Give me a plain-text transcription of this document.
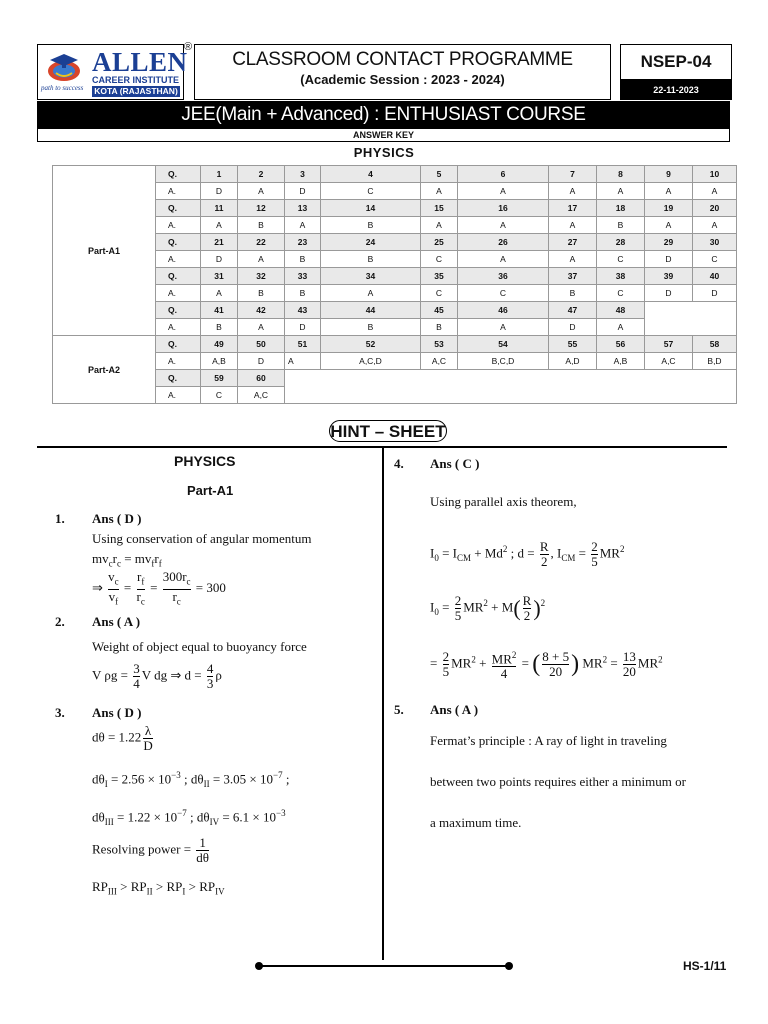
ALLEN
®
CAREER INSTITUTE
KOTA (RAJASTHAN)
path to success
CLASSROOM CONTACT PROGRAMME
(Academic Session : 2023 - 2024)
NSEP-04
22-11-2023
JEE(Main + Advanced) : ENTHUSIAST COURSE
ANSWER KEY
PHYSICS
Part-A1	Q.	1	2	3	4	5	6	7	8	9	10
	A.	D	A	D	C	A	A	A	A	A	A
	Q.	11	12	13	14	15	16	17	18	19	20
	A.	A	B	A	B	A	A	A	B	A	A
	Q.	21	22	23	24	25	26	27	28	29	30
	A.	D	A	B	B	C	A	A	C	D	C
	Q.	31	32	33	34	35	36	37	38	39	40
	A.	A	B	B	A	C	C	B	C	D	D
	Q.	41	42	43	44	45	46	47	48		
	A.	B	A	D	B	B	A	D	A		
Part-A2	Q.	49	50	51	52	53	54	55	56	57	58
	A.	A,B	D	A	A,C,D	A,C	B,C,D	A,D	A,B	A,C	B,D
	Q.	59	60								
	A.	C	A,C								
HINT – SHEET
PHYSICS
Part-A1
1. Ans ( D )
Using conservation of angular momentum
$mv_cr_c = mv_fr_f$
⇒ $\frac{v_c}{v_f} = \frac{r_f}{r_c} = \frac{300r_c}{r_c} = 300$
2. Ans ( A )
Weight of object equal to buoyancy force
V $\rho g = \frac{3}{4}$ V dg ⇒ $d = \frac{4}{3}$ ρ
3. Ans ( D )
$d\theta = 1.22 \frac{\lambda}{D}$
$d\theta_I = 2.56 \times 10^{-3}$ ; $d\theta_{II} = 3.05 \times 10^{-7}$ ;
$d\theta_{III} = 1.22 \times 10^{-7}$ ; $d\theta_{IV} = 6.1 \times 10^{-3}$
Resolving power = $\frac{1}{d\theta}$
$RP_{III} > RP_{II} > RP_I > RP_{IV}$
4. Ans ( C )
Using parallel axis theorem,
$I_0 = I_{CM} + Md^2$ ; $d = \frac{R}{2}$ , $I_{CM} = \frac{2}{5} MR^2$
$I_0 = \frac{2}{5} MR^2 + M( \frac{R}{2} )^2$
= $\frac{2}{5} MR^2 + \frac{MR^2}{4}$ = ( $\frac{8 + 5}{20}$ ) $MR^2 = \frac{13}{20} MR^2$
5. Ans ( A )
Fermat’s principle : A ray of light in traveling
between two points requires either a minimum or
a maximum time.
HS-1/11
